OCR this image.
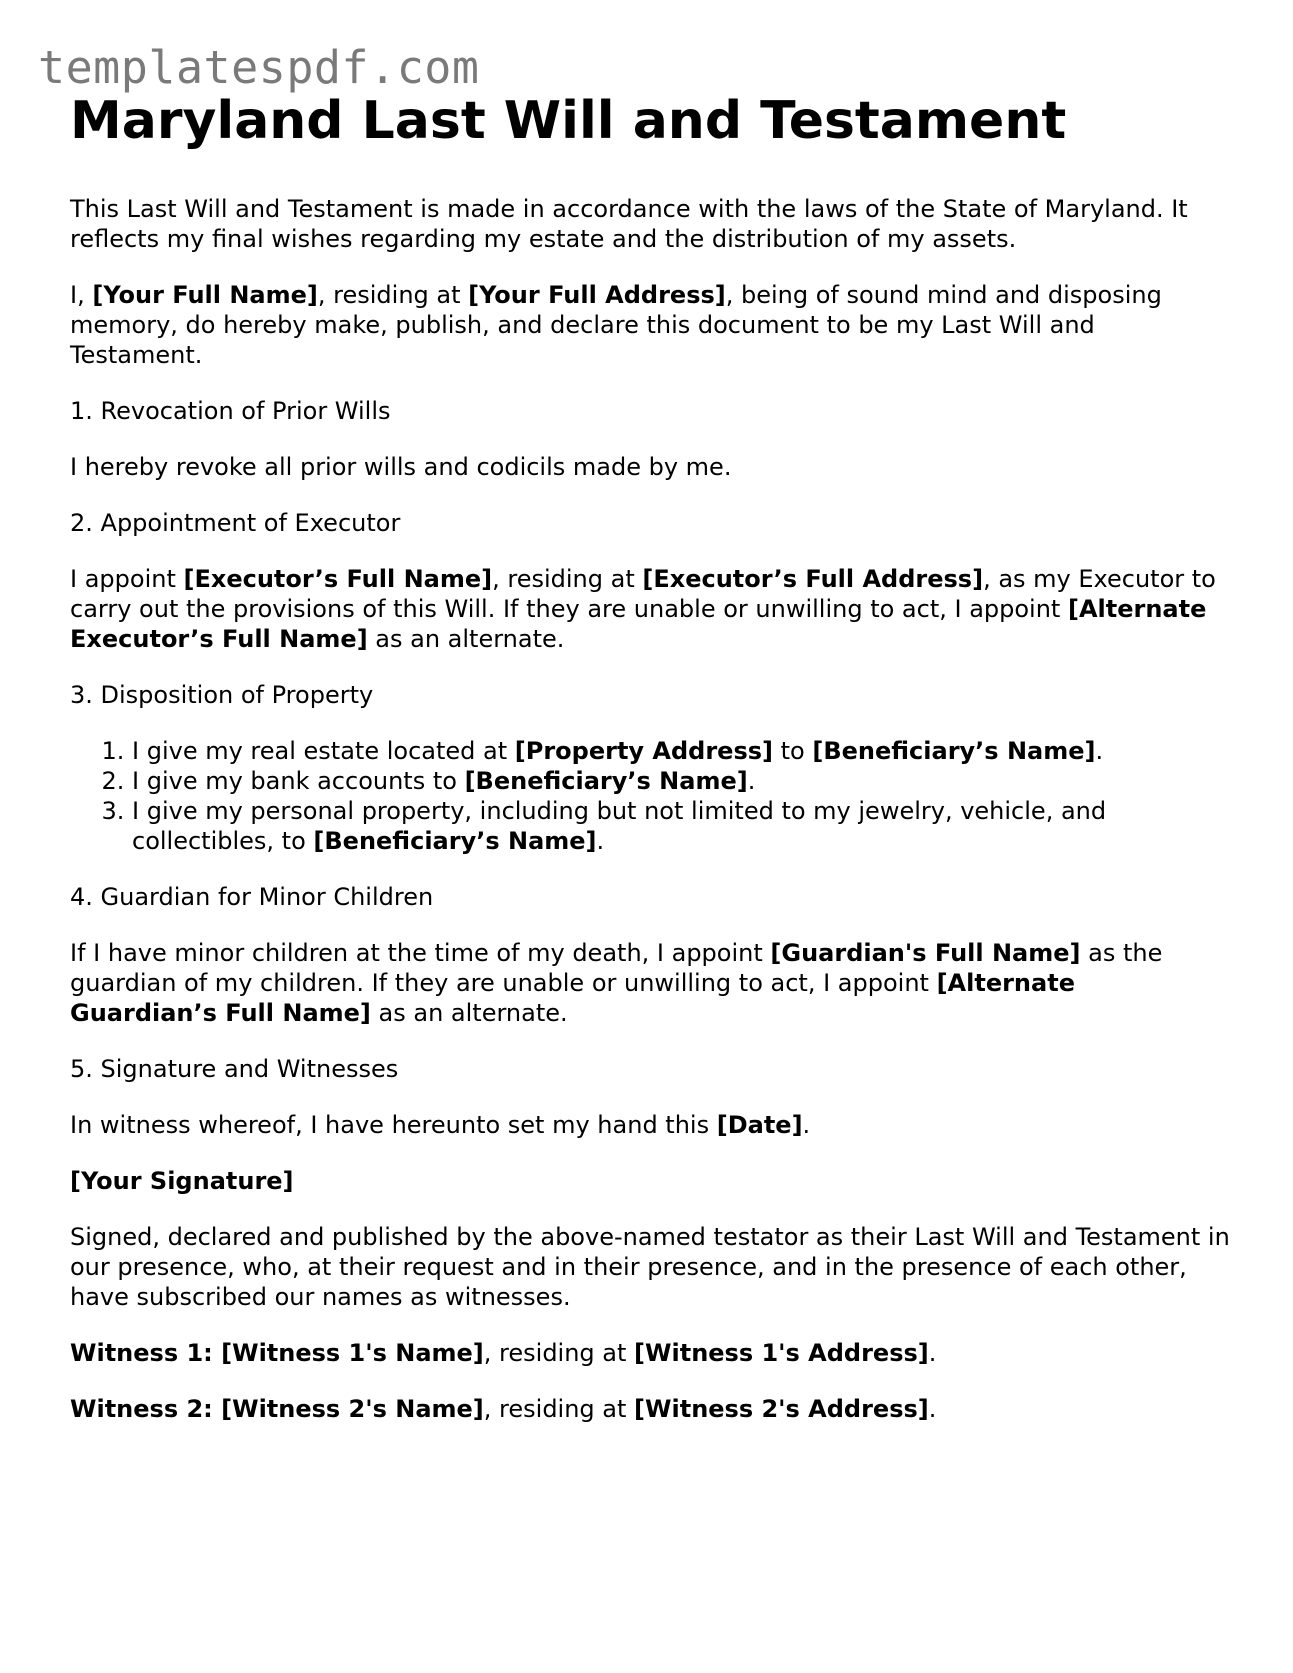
templatespdf.com
Maryland Last Will and Testament

This Last Will and Testament is made in accordance with the laws of the State of Maryland. It reflects my final wishes regarding my estate and the distribution of my assets.

I, [Your Full Name], residing at [Your Full Address], being of sound mind and disposing memory, do hereby make, publish, and declare this document to be my Last Will and Testament.

1. Revocation of Prior Wills

I hereby revoke all prior wills and codicils made by me.

2. Appointment of Executor

I appoint [Executor’s Full Name], residing at [Executor’s Full Address], as my Executor to carry out the provisions of this Will. If they are unable or unwilling to act, I appoint [Alternate Executor’s Full Name] as an alternate.

3. Disposition of Property

1. I give my real estate located at [Property Address] to [Beneficiary’s Name].
2. I give my bank accounts to [Beneficiary’s Name].
3. I give my personal property, including but not limited to my jewelry, vehicle, and collectibles, to [Beneficiary’s Name].

4. Guardian for Minor Children

If I have minor children at the time of my death, I appoint [Guardian's Full Name] as the guardian of my children. If they are unable or unwilling to act, I appoint [Alternate Guardian’s Full Name] as an alternate.

5. Signature and Witnesses

In witness whereof, I have hereunto set my hand this [Date].

[Your Signature]

Signed, declared and published by the above-named testator as their Last Will and Testament in our presence, who, at their request and in their presence, and in the presence of each other, have subscribed our names as witnesses.

Witness 1: [Witness 1's Name], residing at [Witness 1's Address].

Witness 2: [Witness 2's Name], residing at [Witness 2's Address].
